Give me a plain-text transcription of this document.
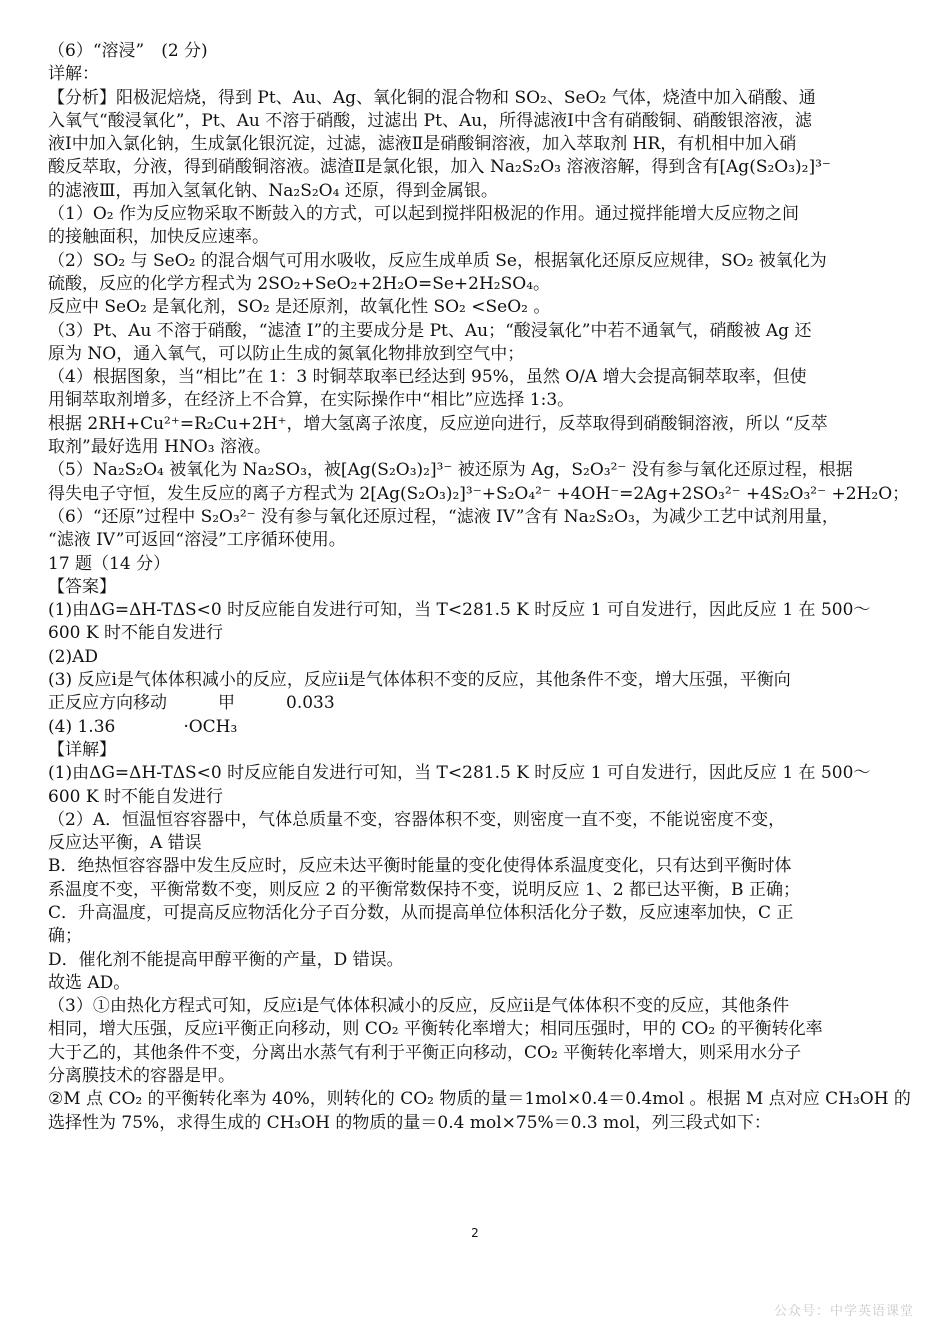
（6）“溶浸”　(2 分)
详解：
【分析】阳极泥焙烧，得到 Pt、Au、Ag、氧化铜的混合物和 SO₂、SeO₂ 气体，烧渣中加入硝酸、通
入氧气“酸浸氧化”，Pt、Au 不溶于硝酸，过滤出 Pt、Au，所得滤液Ⅰ中含有硝酸铜、硝酸银溶液，滤
液Ⅰ中加入氯化钠，生成氯化银沉淀，过滤，滤液Ⅱ是硝酸铜溶液，加入萃取剂 HR，有机相中加入硝
酸反萃取，分液，得到硝酸铜溶液。滤渣Ⅱ是氯化银，加入 Na₂S₂O₃ 溶液溶解，得到含有[Ag(S₂O₃)₂]³⁻
的滤液Ⅲ，再加入氢氧化钠、Na₂S₂O₄ 还原，得到金属银。
（1）O₂ 作为反应物采取不断鼓入的方式，可以起到搅拌阳极泥的作用。通过搅拌能增大反应物之间
的接触面积，加快反应速率。
（2）SO₂ 与 SeO₂ 的混合烟气可用水吸收，反应生成单质 Se，根据氧化还原反应规律，SO₂ 被氧化为
硫酸，反应的化学方程式为 2SO₂+SeO₂+2H₂O=Se+2H₂SO₄。
反应中 SeO₂ 是氧化剂，SO₂ 是还原剂，故氧化性 SO₂ <SeO₂ 。
（3）Pt、Au 不溶于硝酸，“滤渣 I”的主要成分是 Pt、Au；“酸浸氧化”中若不通氧气，硝酸被 Ag 还
原为 NO，通入氧气，可以防止生成的氮氧化物排放到空气中；
（4）根据图象，当“相比”在 1：3 时铜萃取率已经达到 95%，虽然 O/A 增大会提高铜萃取率，但使
用铜萃取剂增多，在经济上不合算，在实际操作中“相比”应选择 1:3。
根据 2RH+Cu²⁺=R₂Cu+2H⁺，增大氢离子浓度，反应逆向进行，反萃取得到硝酸铜溶液，所以 “反萃
取剂”最好选用 HNO₃ 溶液。
（5）Na₂S₂O₄ 被氧化为 Na₂SO₃，被[Ag(S₂O₃)₂]³⁻ 被还原为 Ag，S₂O₃²⁻ 没有参与氧化还原过程，根据
得失电子守恒，发生反应的离子方程式为 2[Ag(S₂O₃)₂]³⁻+S₂O₄²⁻ +4OH⁻=2Ag+2SO₃²⁻ +4S₂O₃²⁻ +2H₂O；
（6）“还原”过程中 S₂O₃²⁻ 没有参与氧化还原过程，“滤液 IV”含有 Na₂S₂O₃，为减少工艺中试剂用量，
“滤液 IV”可返回“溶浸”工序循环使用。
17 题（14 分）
【答案】
(1)由ΔG=ΔH-TΔS<0 时反应能自发进行可知，当 T<281.5 K 时反应 1 可自发进行，因此反应 1 在 500～
600 K 时不能自发进行
(2)AD
(3) 反应ⅰ是气体体积减小的反应，反应ⅱ是气体体积不变的反应，其他条件不变，增大压强，平衡向
正反应方向移动　　　甲　　　0.033
(4) 1.36　　　　·OCH₃
【详解】
(1)由ΔG=ΔH-TΔS<0 时反应能自发进行可知，当 T<281.5 K 时反应 1 可自发进行，因此反应 1 在 500～
600 K 时不能自发进行
（2）A．恒温恒容容器中，气体总质量不变，容器体积不变，则密度一直不变，不能说密度不变，
反应达平衡，A 错误
B．绝热恒容容器中发生反应时，反应未达平衡时能量的变化使得体系温度变化，只有达到平衡时体
系温度不变，平衡常数不变，则反应 2 的平衡常数保持不变，说明反应 1、2 都已达平衡，B 正确；
C．升高温度，可提高反应物活化分子百分数，从而提高单位体积活化分子数，反应速率加快，C 正
确；
D．催化剂不能提高甲醇平衡的产量，D 错误。
故选 AD。
（3）①由热化方程式可知，反应ⅰ是气体体积减小的反应，反应ⅱ是气体体积不变的反应，其他条件
相同，增大压强，反应ⅰ平衡正向移动，则 CO₂ 平衡转化率增大；相同压强时，甲的 CO₂ 的平衡转化率
大于乙的，其他条件不变，分离出水蒸气有利于平衡正向移动，CO₂ 平衡转化率增大，则采用水分子
分离膜技术的容器是甲。
②M 点 CO₂ 的平衡转化率为 40%，则转化的 CO₂ 物质的量＝1mol×0.4＝0.4mol 。根据 M 点对应 CH₃OH 的
选择性为 75%，求得生成的 CH₃OH 的物质的量＝0.4 mol×75%＝0.3 mol，列三段式如下：
2
公众号：中学英语课堂
